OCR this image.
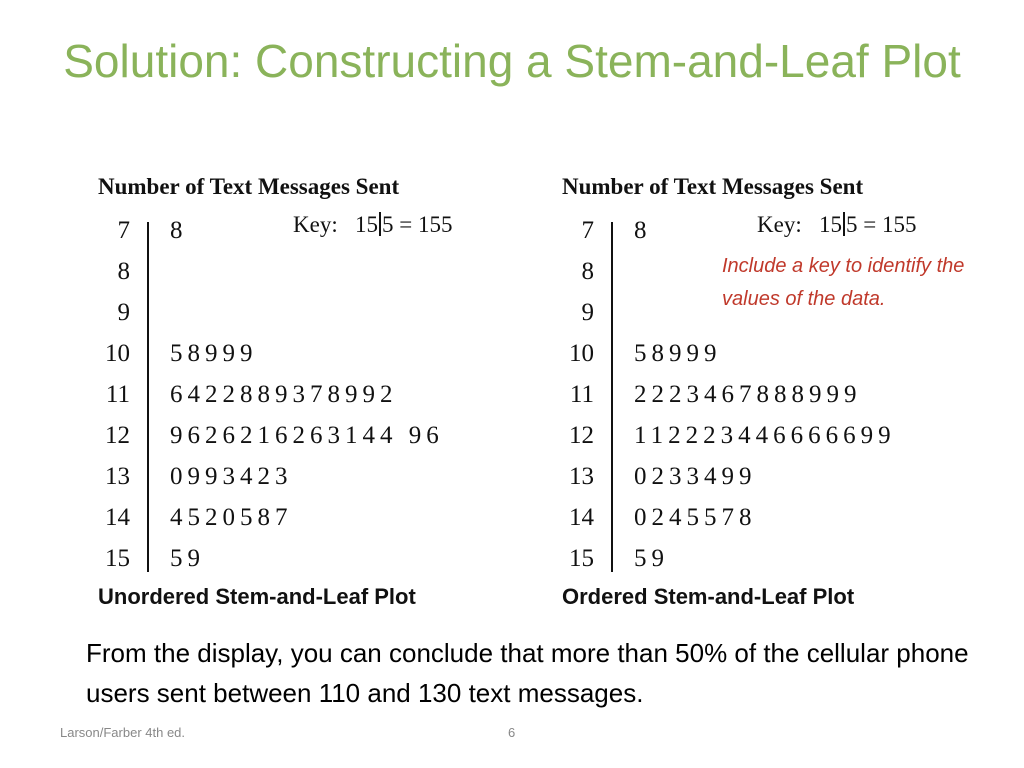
Solution: Constructing a Stem-and-Leaf Plot
Number of Text Messages Sent
Key: 15 5 = 155
7 8
8
9
10 58999
11 6422889378992
12 9626216263144 96
13 0993423
14 4520587
15 59
Unordered Stem-and-Leaf Plot
Number of Text Messages Sent
Key: 15 5 = 155
7 8
8
9
10 58999
11 2223467888999
12 112223446666699
13 0233499
14 0245578
15 59
Ordered Stem-and-Leaf Plot
Include a key to identify the values of the data.
From the display, you can conclude that more than 50% of the cellular phone users sent between 110 and 130 text messages.
Larson/Farber 4th ed.	6
